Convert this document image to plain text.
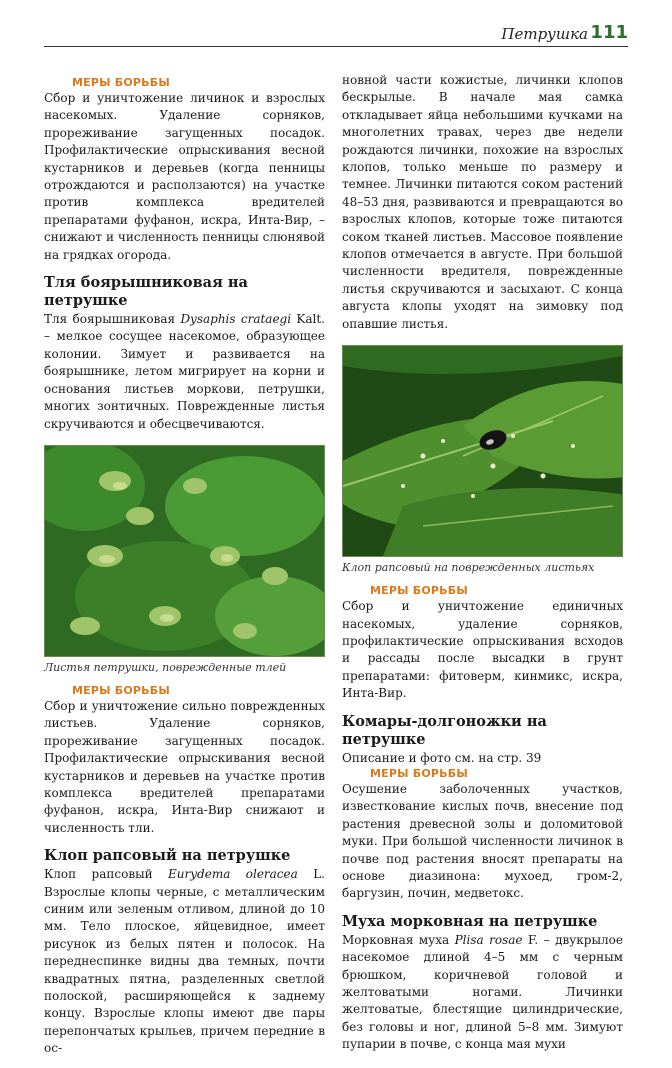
Петрушка 111
МЕРЫ БОРЬБЫ

Сбор и уничтожение личинок и взрослых насекомых. Удаление сорняков, прореживание загущенных посадок. Профилактические опрыскивания весной кустарников и деревьев (когда пенницы отрождаются и расползаются) на участке против комплекса вредителей препаратами фуфанон, искра, Инта-Вир, – снижают и численность пенницы слюнявой на грядках огорода.

Тля боярышниковая на петрушке

Тля боярышниковая Dysaphis crataegi Kalt. – мелкое сосущее насекомое, образующее колонии. Зимует и развивается на боярышнике, летом мигрирует на корни и основания листьев моркови, петрушки, многих зонтичных. Поврежденные листья скручиваются и обесцвечиваются.

Листья петрушки, поврежденные тлей
МЕРЫ БОРЬБЫ

Сбор и уничтожение сильно поврежденных листьев. Удаление сорняков, прореживание загущенных посадок. Профилактические опрыскивания весной кустарников и деревьев на участке против комплекса вредителей препаратами фуфанон, искра, Инта-Вир снижают и численность тли.

Клоп рапсовый на петрушке

Клоп рапсовый Eurydema oleracea L. Взрослые клопы черные, с металлическим синим или зеленым отливом, длиной до 10 мм. Тело плоское, яйцевидное, имеет рисунок из белых пятен и полосок. На переднеспинке видны два темных, почти квадратных пятна, разделенных светлой полоской, расширяющейся к заднему концу. Взрослые клопы имеют две пары перепончатых крыльев, причем передние в ос-

новной части кожистые, личинки клопов бескрылые. В начале мая самка откладывает яйца небольшими кучками на многолетних травах, через две недели рождаются личинки, похожие на взрослых клопов, только меньше по размеру и темнее. Личинки питаются соком растений 48–53 дня, развиваются и превращаются во взрослых клопов, которые тоже питаются соком тканей листьев. Массовое появление клопов отмечается в августе. При большой численности вредителя, поврежденные листья скручиваются и засыхают. С конца августа клопы уходят на зимовку под опавшие листья.

Клоп рапсовый на поврежденных листьях
МЕРЫ БОРЬБЫ

Сбор и уничтожение единичных насекомых, удаление сорняков, профилактические опрыскивания всходов и рассады после высадки в грунт препаратами: фитоверм, кинмикс, искра, Инта-Вир.

Комары-долгоножки на петрушке

Описание и фото см. на стр. 39

МЕРЫ БОРЬБЫ

Осушение заболоченных участков, известкование кислых почв, внесение под растения древесной золы и доломитовой муки. При большой численности личинок в почве под растения вносят препараты на основе диазинона: мухоед, гром-2, баргузин, почин, медветокс.

Муха морковная на петрушке

Морковная муха Plisa rosae F. – двукрылое насекомое длиной 4–5 мм с черным брюшком, коричневой головой и желтоватыми ногами. Личинки желтоватые, блестящие цилиндрические, без головы и ног, длиной 5–8 мм. Зимуют пупарии в почве, с конца мая мухи
